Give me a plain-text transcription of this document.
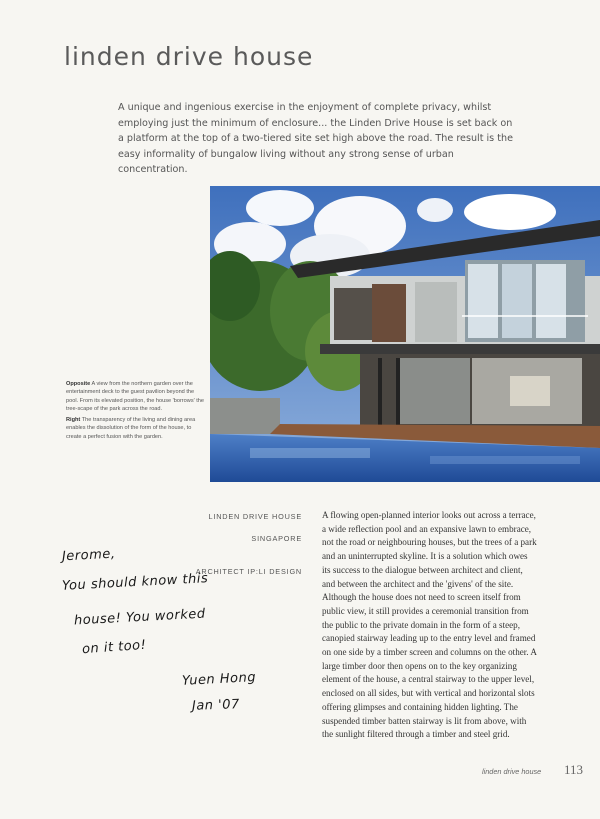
linden drive house

A unique and ingenious exercise in the enjoyment of complete privacy, whilst employing just the minimum of enclosure... the Linden Drive House is set back on a platform at the top of a two-tiered site set high above the road. The result is the easy informality of bungalow living without any strong sense of urban concentration.

Opposite A view from the northern garden over the entertainment deck to the guest pavilion beyond the pool. From its elevated position, the house 'borrows' the tree-scape of the park across the road.

Right The transparency of the living and dining area enables the dissolution of the form of the house, to create a perfect fusion with the garden.

LINDEN DRIVE HOUSE
SINGAPORE
ARCHITECT IP:LI DESIGN

A flowing open-planned interior looks out across a terrace, a wide reflection pool and an expansive lawn to embrace, not the road or neighbouring houses, but the trees of a park and an uninterrupted skyline. It is a solution which owes its success to the dialogue between architect and client, and between the architect and the 'givens' of the site. Although the house does not need to screen itself from public view, it still provides a ceremonial transition from the public to the private domain in the form of a steep, canopied stairway leading up to the entry level and framed on one side by a timber screen and columns on the other. A large timber door then opens on to the key organizing element of the house, a central stairway to the upper level, enclosed on all sides, but with vertical and horizontal slots offering glimpses and containing hidden lighting. The suspended timber batten stairway is lit from above, with the sunlight filtered through a timber and steel grid.

Jerome,
You should know this
house! You worked
on it too!
Yuen Hong
Jan '07
linden drive house 113
